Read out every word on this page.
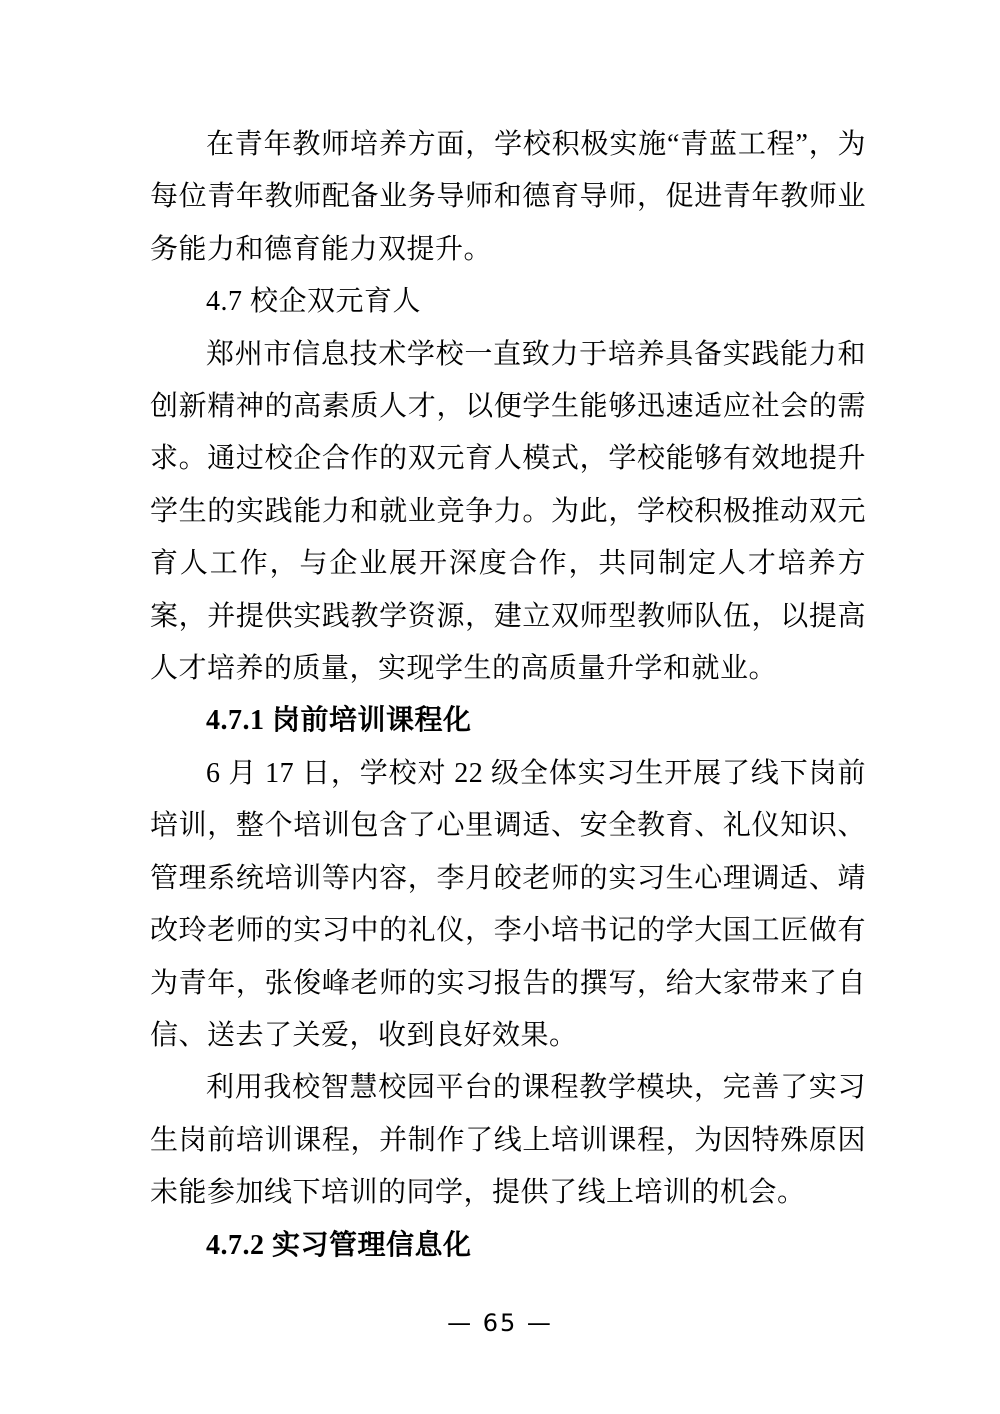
在青年教师培养方面，学校积极实施“青蓝工程”，为每位青年教师配备业务导师和德育导师，促进青年教师业务能力和德育能力双提升。

4.7 校企双元育人

郑州市信息技术学校一直致力于培养具备实践能力和创新精神的高素质人才，以便学生能够迅速适应社会的需求。通过校企合作的双元育人模式，学校能够有效地提升学生的实践能力和就业竞争力。为此，学校积极推动双元育人工作，与企业展开深度合作，共同制定人才培养方案，并提供实践教学资源，建立双师型教师队伍，以提高人才培养的质量，实现学生的高质量升学和就业。

4.7.1 岗前培训课程化

6 月 17 日，学校对 22 级全体实习生开展了线下岗前培训，整个培训包含了心里调适、安全教育、礼仪知识、管理系统培训等内容，李月皎老师的实习生心理调适、靖改玲老师的实习中的礼仪，李小培书记的学大国工匠做有为青年，张俊峰老师的实习报告的撰写，给大家带来了自信、送去了关爱，收到良好效果。

利用我校智慧校园平台的课程教学模块，完善了实习生岗前培训课程，并制作了线上培训课程，为因特殊原因未能参加线下培训的同学，提供了线上培训的机会。

4.7.2 实习管理信息化

— 65 —
